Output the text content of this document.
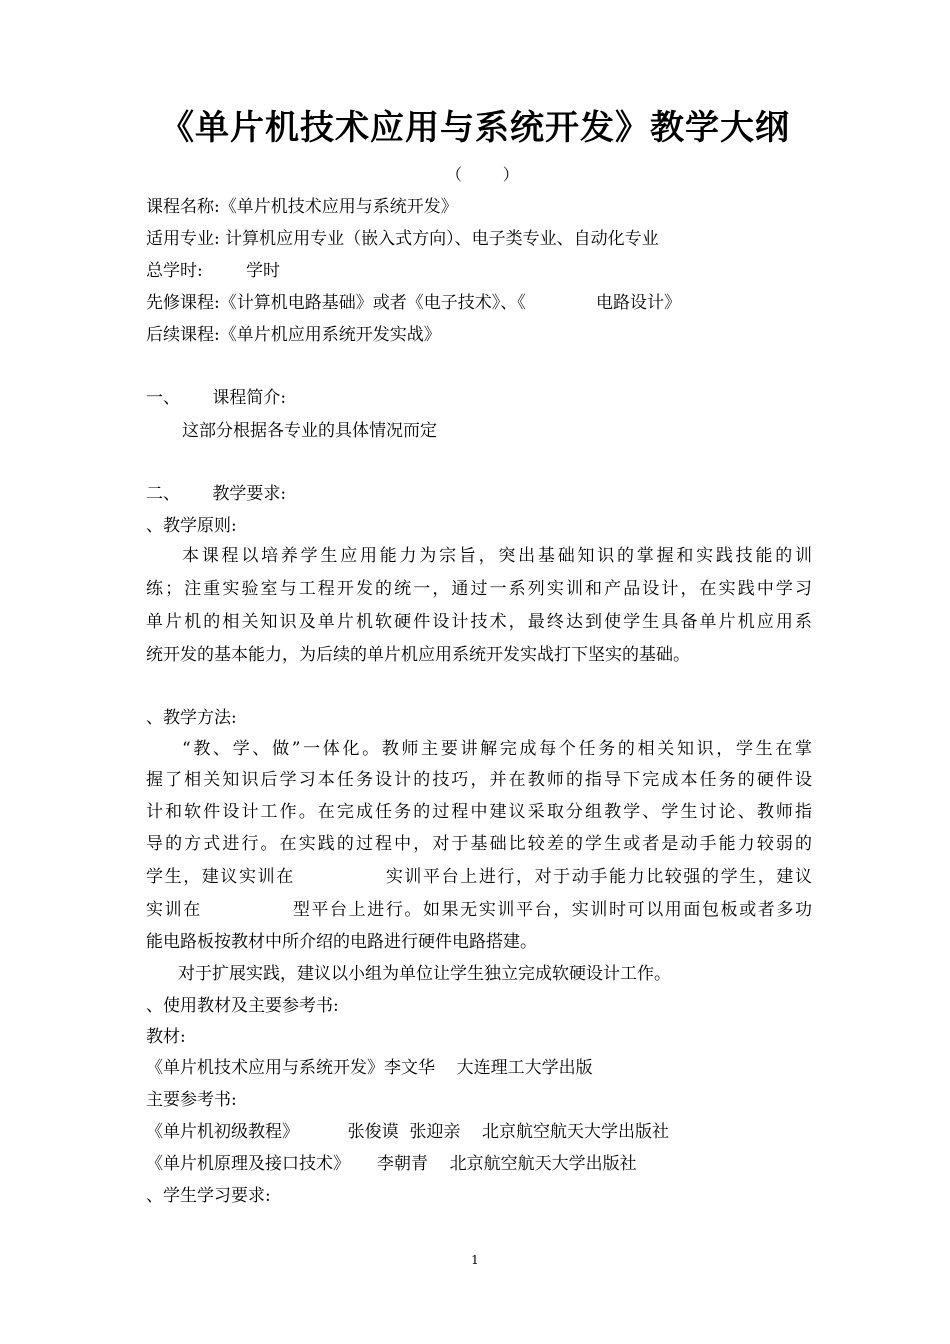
《单片机技术应用与系统开发》教学大纲
（        ）
课程名称:《单片机技术应用与系统开发》
适用专业: 计算机应用专业（嵌入式方向）、电子类专业、自动化专业
总学时:        学时
先修课程:《计算机电路基础》或者《电子技术》、《             电路设计》
后续课程:《单片机应用系统开发实战》
一、      课程简介:
这部分根据各专业的具体情况而定
二、      教学要求:
、教学原则:
本课程以培养学生应用能力为宗旨，突出基础知识的掌握和实践技能的训
练；注重实验室与工程开发的统一，通过一系列实训和产品设计，在实践中学习
单片机的相关知识及单片机软硬件设计技术，最终达到使学生具备单片机应用系
统开发的基本能力，为后续的单片机应用系统开发实战打下坚实的基础。
、教学方法:
“教、学、做”一体化。教师主要讲解完成每个任务的相关知识，学生在掌
握了相关知识后学习本任务设计的技巧，并在教师的指导下完成本任务的硬件设
计和软件设计工作。在完成任务的过程中建议采取分组教学、学生讨论、教师指
导的方式进行。在实践的过程中，对于基础比较差的学生或者是动手能力较弱的
学生，建议实训在             实训平台上进行，对于动手能力比较强的学生，建议
实训在             型平台上进行。如果无实训平台，实训时可以用面包板或者多功
能电路板按教材中所介绍的电路进行硬件电路搭建。
对于扩展实践，建议以小组为单位让学生独立完成软硬设计工作。
、使用教材及主要参考书:
教材:
《单片机技术应用与系统开发》李文华    大连理工大学出版
主要参考书:
《单片机初级教程》         张俊谟  张迎亲    北京航空航天大学出版社
《单片机原理及接口技术》     李朝青    北京航空航天大学出版社
、学生学习要求:
1
